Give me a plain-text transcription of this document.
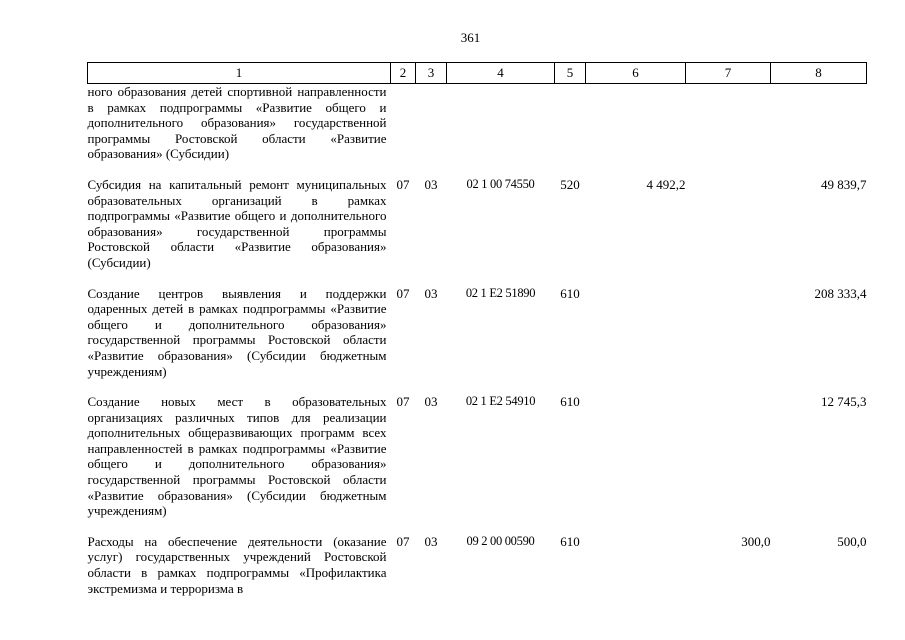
361
1	2	3	4	5	6	7	8
ного образования детей спортивной направленности в рамках подпрограммы «Развитие общего и дополнительного образования» государственной программы Ростовской области «Развитие образования» (Субсидии)							
Субсидия на капитальный ремонт муниципальных образовательных организаций в рамках подпрограммы «Развитие общего и дополнительного образования» государственной программы Ростовской области «Развитие образования» (Субсидии)	07	03	02 1 00 74550	520	4 492,2		49 839,7
Создание центров выявления и поддержки одаренных детей в рамках подпрограммы «Развитие общего и дополнительного образования» государственной программы Ростовской области «Развитие образования» (Субсидии бюджетным учреждениям)	07	03	02 1 E2 51890	610			208 333,4
Создание новых мест в образовательных организациях различных типов для реализации дополнительных общеразвивающих программ всех направленностей в рамках подпрограммы «Развитие общего и дополнительного образования» государственной программы Ростовской области «Развитие образования» (Субсидии бюджетным учреждениям)	07	03	02 1 E2 54910	610			12 745,3
Расходы на обеспечение деятельности (оказание услуг) государственных учреждений Ростовской области в рамках подпрограммы «Профилактика экстремизма и терроризма в	07	03	09 2 00 00590	610		300,0	500,0
